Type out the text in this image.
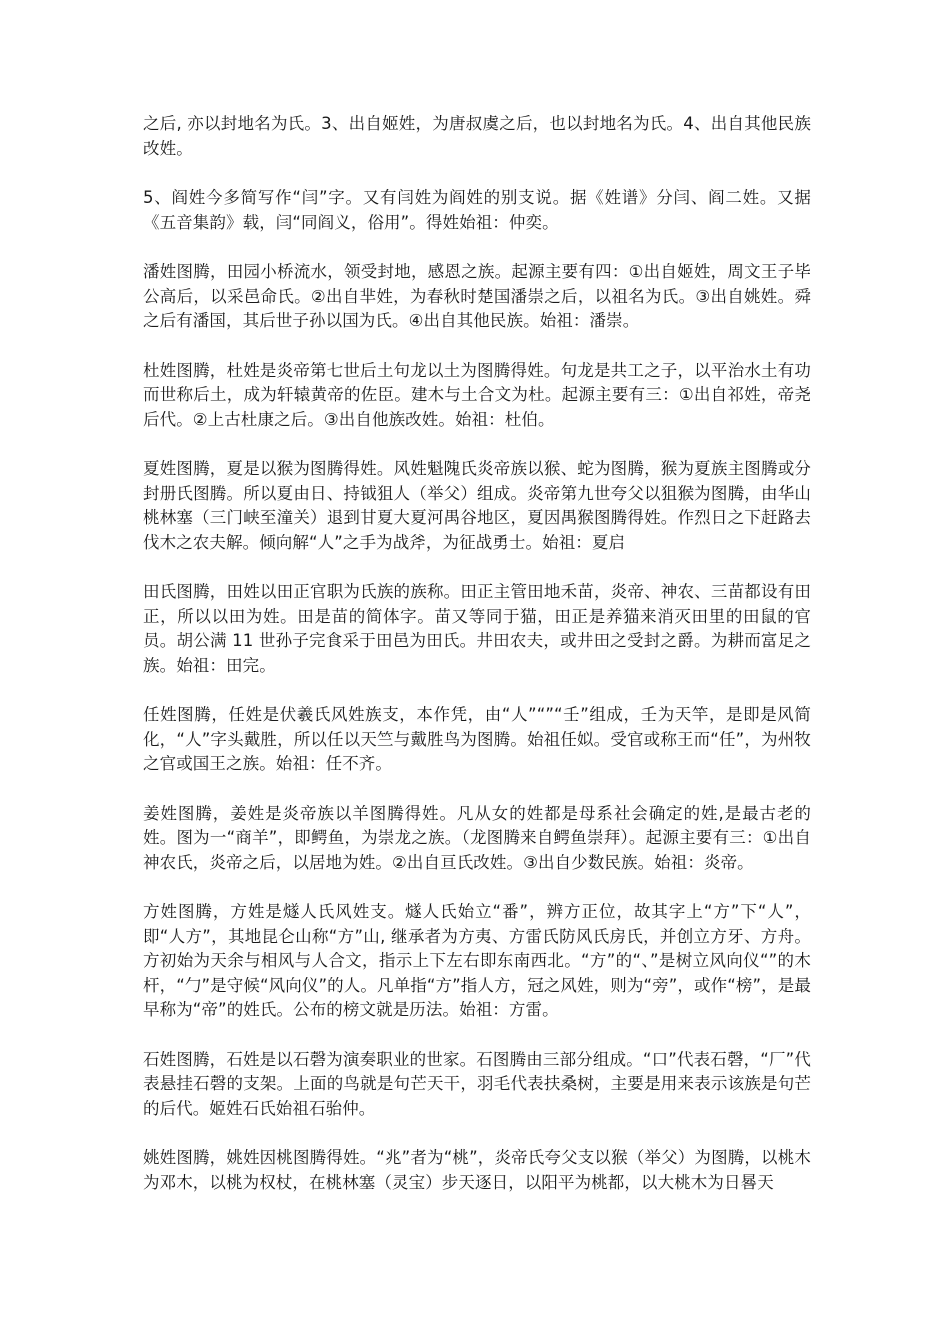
之后, 亦以封地名为氏。3、出自姬姓，为唐叔虞之后，也以封地名为氏。4、出自其他民族改姓。

5、阎姓今多简写作“闫”字。又有闫姓为阎姓的别支说。据《姓谱》分闫、阎二姓。又据《五音集韵》载，闫“同阎义，俗用”。得姓始祖：仲奕。

潘姓图腾，田园小桥流水，领受封地，感恩之族。起源主要有四：①出自姬姓，周文王子毕公高后，以采邑命氏。②出自芈姓，为春秋时楚国潘崇之后，以祖名为氏。③出自姚姓。舜之后有潘国，其后世子孙以国为氏。④出自其他民族。始祖：潘崇。

杜姓图腾，杜姓是炎帝第七世后土句龙以土为图腾得姓。句龙是共工之子，以平治水土有功而世称后土，成为轩辕黄帝的佐臣。建木与土合文为杜。起源主要有三：①出自祁姓，帝尧后代。②上古杜康之后。③出自他族改姓。始祖：杜伯。

夏姓图腾，夏是以猴为图腾得姓。风姓魁隗氏炎帝族以猴、蛇为图腾，猴为夏族主图腾或分封册氏图腾。所以夏由日、持钺狙人（举父）组成。炎帝第九世夸父以狙猴为图腾，由华山桃林塞（三门峡至潼关）退到甘夏大夏河禺谷地区，夏因禺猴图腾得姓。作烈日之下赶路去伐木之农夫解。倾向解“人”之手为战斧，为征战勇士。始祖：夏启

田氏图腾，田姓以田正官职为氏族的族称。田正主管田地禾苗，炎帝、神农、三苗都设有田正，所以以田为姓。田是苗的简体字。苗又等同于猫，田正是养猫来消灭田里的田鼠的官员。胡公满 11 世孙子完食采于田邑为田氏。井田农夫，或井田之受封之爵。为耕而富足之族。始祖：田完。

任姓图腾，任姓是伏羲氏风姓族支，本作凭，由“人”“”“壬”组成，壬为天竿，是即是风简化，“人”字头戴胜，所以任以天竺与戴胜鸟为图腾。始祖任姒。受官或称王而“任”，为州牧之官或国王之族。始祖：任不齐。

姜姓图腾，姜姓是炎帝族以羊图腾得姓。凡从女的姓都是母系社会确定的姓,是最古老的姓。图为一“商羊”，即鳄鱼，为崇龙之族。（龙图腾来自鳄鱼崇拜）。起源主要有三：①出自神农氏，炎帝之后，以居地为姓。②出自亘氏改姓。③出自少数民族。始祖：炎帝。

方姓图腾，方姓是燧人氏风姓支。燧人氏始立“番”，辨方正位，故其字上“方”下“人”，即“人方”，其地昆仑山称“方”山, 继承者为方夷、方雷氏防风氏房氏，并创立方牙、方舟。方初始为天余与相风与人合文，指示上下左右即东南西北。“方”的“、”是树立风向仪“”的木杆，“勹”是守候“风向仪”的人。凡单指“方”指人方，冠之风姓，则为“旁”，或作“榜”，是最早称为“帝”的姓氏。公布的榜文就是历法。始祖：方雷。

石姓图腾，石姓是以石磬为演奏职业的世家。石图腾由三部分组成。“口”代表石磬，“厂”代表悬挂石磬的支架。上面的鸟就是句芒天干，羽毛代表扶桑树，主要是用来表示该族是句芒的后代。姬姓石氏始祖石骀仲。

姚姓图腾，姚姓因桃图腾得姓。“兆”者为“桃”，炎帝氏夸父支以猴（举父）为图腾，以桃木为邓木，以桃为权杖，在桃林塞（灵宝）步天逐日，以阳平为桃都，以大桃木为日晷天
